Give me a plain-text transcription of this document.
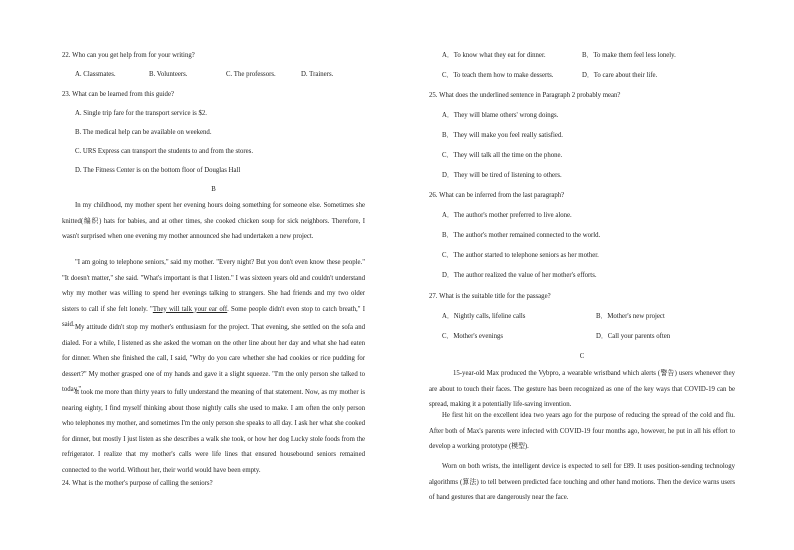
22. Who can you get help from for your writing?
A. Classmates.	B. Volunteers.	C. The professors.	D. Trainers.
23. What can be learned from this guide?
A. Single trip fare for the transport service is $2.
B. The medical help can be available on weekend.
C. URS Express can transport the students to and from the stores.
D. The Fitness Center is on the bottom floor of Douglas Hall
B
In my childhood, my mother spent her evening hours doing something for someone else. Sometimes she knitted(编织) hats for babies, and at other times, she cooked chicken soup for sick neighbors. Therefore, I wasn't surprised when one evening my mother announced she had undertaken a new project.
"I am going to telephone seniors," said my mother. "Every night? But you don't even know these people." "It doesn't matter," she said. "What's important is that I listen." I was sixteen years old and couldn't understand why my mother was willing to spend her evenings talking to strangers. She had friends and my two older sisters to call if she felt lonely. "They will talk your ear off. Some people didn't even stop to catch breath," I said. My attitude didn't stop my mother's enthusiasm for the project. That evening, she settled on the sofa and dialed. For a while, I listened as she asked the woman on the other line about her day and what she had eaten for dinner. When she finished the call, I said, "Why do you care whether she had cookies or rice pudding for dessert?" My mother grasped one of my hands and gave it a slight squeeze. "I'm the only person she talked to today."
It took me more than thirty years to fully understand the meaning of that statement. Now, as my mother is nearing eighty, I find myself thinking about those nightly calls she used to make. I am often the only person who telephones my mother, and sometimes I'm the only person she speaks to all day. I ask her what she cooked for dinner, but mostly I just listen as she describes a walk she took, or how her dog Lucky stole foods from the refrigerator. I realize that my mother's calls were life lines that ensured housebound seniors remained connected to the world. Without her, their world would have been empty.
24. What is the mother's purpose of calling the seniors?
A．To know what they eat for dinner.	B．To make them feel less lonely.
C．To teach them how to make desserts.	D．To care about their life.
25. What does the underlined sentence in Paragraph 2 probably mean?
A．They will blame others' wrong doings.
B．They will make you feel really satisfied.
C．They will talk all the time on the phone.
D．They will be tired of listening to others.
26. What can be inferred from the last paragraph?
A．The author's mother preferred to live alone.
B．The author's mother remained connected to the world.
C．The author started to telephone seniors as her mother.
D．The author realized the value of her mother's efforts.
27. What is the suitable title for the passage?
A．Nightly calls, lifeline calls	B．Mother's new project
C．Mother's evenings	D．Call your parents often
C
15-year-old Max produced the Vybpro, a wearable wristband which alerts (警告) users whenever they are about to touch their faces. The gesture has been recognized as one of the key ways that COVID-19 can be spread, making it a potentially life-saving invention.
He first hit on the excellent idea two years ago for the purpose of reducing the spread of the cold and flu. After both of Max's parents were infected with COVID-19 four months ago, however, he put in all his effort to develop a working prototype (模型).
Worn on both wrists, the intelligent device is expected to sell for £89. It uses position-sending technology algorithms (算法) to tell between predicted face touching and other hand motions. Then the device warns users of hand gestures that are dangerously near the face.
